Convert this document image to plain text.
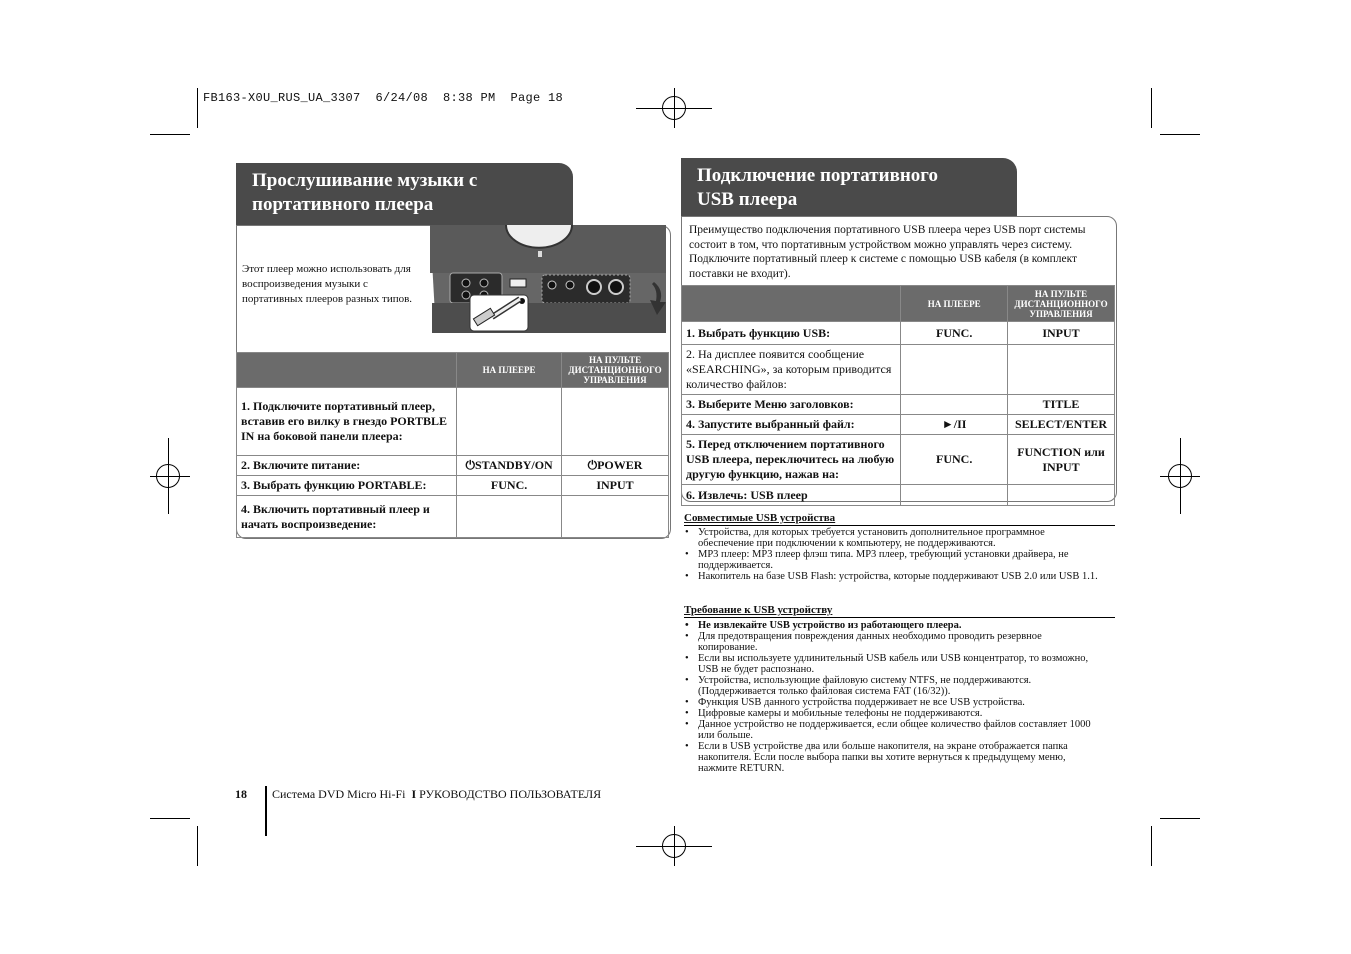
FB163-X0U_RUS_UA_3307  6/24/08  8:38 PM  Page 18
Прослушивание музыки с
портативного плеера
Этот плеер можно использовать для воспроизведения музыки с портативных плееров разных типов.
	НА ПЛЕЕРЕ	НА ПУЛЬТЕ ДИСТАНЦИОННОГО УПРАВЛЕНИЯ
1. Подключите портативный плеер, вставив его вилку в гнездо PORTBLE IN на боковой панели плеера:		
2. Включите питание:	⏻STANDBY/ON	⏻POWER
3. Выбрать функцию PORTABLE:	FUNC.	INPUT
4. Включить портативный плеер и начать воспроизведение:		
Подключение портативного
USB плеера
Преимущество подключения портативного USB плеера через USB порт системы состоит в том, что портативным устройством можно управлять через систему. Подключите портативный плеер к системе с помощью USB кабеля (в комплект поставки не входит).
	НА ПЛЕЕРЕ	НА ПУЛЬТЕ ДИСТАНЦИОННОГО УПРАВЛЕНИЯ
1. Выбрать функцию USB:	FUNC.	INPUT
2. На дисплее появится сообщение «SEARCHING», за которым приводится количество файлов:		
3. Выберите Меню заголовков:		TITLE
4. Запустите выбранный файл:	►/II	SELECT/ENTER
5. Перед отключением портативного USB плеера, переключитесь на любую другую функцию, нажав на:	FUNC.	FUNCTION или INPUT
6. Извлечь: USB плеер		
Совместимые USB устройства
• Устройства, для которых требуется установить дополнительное программное обеспечение при подключении к компьютеру, не поддерживаются.
• MP3 плеер: MP3 плеер флэш типа. MP3 плеер, требующий установки драйвера, не поддерживается.
• Накопитель на базе USB Flash: устройства, которые поддерживают USB 2.0 или USB 1.1.
Требование к USB устройству
• Не извлекайте USB устройство из работающего плеера.
• Для предотвращения повреждения данных необходимо проводить резервное копирование.
• Если вы используете удлинительный USB кабель или USB концентратор, то возможно, USB не будет распознано.
• Устройства, использующие файловую систему NTFS, не поддерживаются. (Поддерживается только файловая система FAT (16/32)).
• Функция USB данного устройства поддерживает не все USB устройства.
• Цифровые камеры и мобильные телефоны не поддерживаются.
• Данное устройство не поддерживается, если общее количество файлов составляет 1000 или больше.
• Если в USB устройстве два или больше накопителя, на экране отображается папка накопителя. Если после выбора папки вы хотите вернуться к предыдущему меню, нажмите RETURN.
18 Система DVD Micro Hi-Fi I РУКОВОДСТВО ПОЛЬЗОВАТЕЛЯ
